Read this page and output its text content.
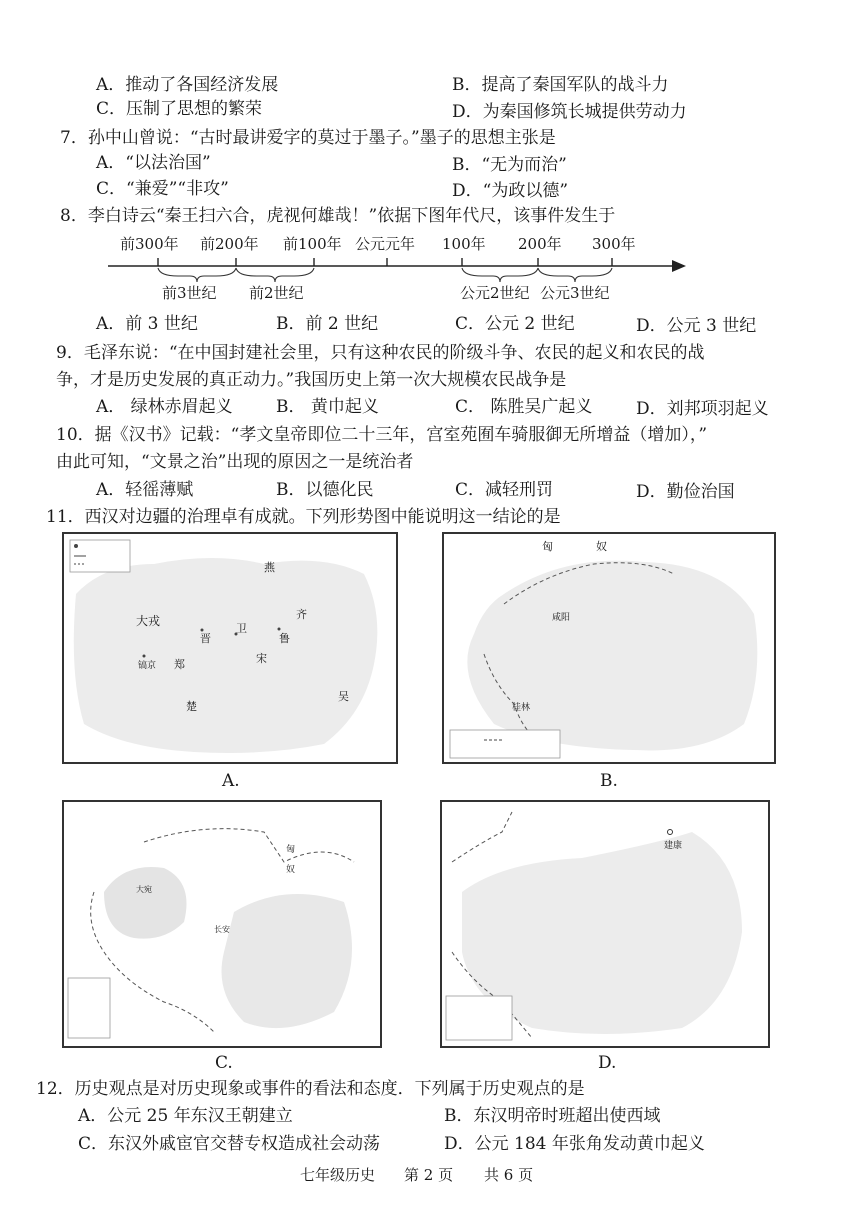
A．推动了各国经济发展	B．提高了秦国军队的战斗力
C．压制了思想的繁荣	D．为秦国修筑长城提供劳动力
7．孙中山曾说：“古时最讲爱字的莫过于墨子。”墨子的思想主张是
A．“以法治国”	B．“无为而治”
C．“兼爱”“非攻”	D．“为政以德”
8．李白诗云“秦王扫六合，虎视何雄哉！”依据下图年代尺，该事件发生于
前300年 前200年 前100年 公元元年 100年 200年 300年
前3世纪 前2世纪	公元2世纪 公元3世纪
A．前 3 世纪	B．前 2 世纪	C．公元 2 世纪	D．公元 3 世纪
9．毛泽东说：“在中国封建社会里，只有这种农民的阶级斗争、农民的起义和农民的战
争，才是历史发展的真正动力。”我国历史上第一次大规模农民战争是
A． 绿林赤眉起义	B． 黄巾起义	C． 陈胜吴广起义	D．刘邦项羽起义
10．据《汉书》记载：“孝文皇帝即位二十三年，宫室苑囿车骑服御无所增益（增加），”
由此可知，“文景之治”出现的原因之一是统治者
A．轻徭薄赋	B．以德化民	C．减轻刑罚	D．勤俭治国
11．西汉对边疆的治理卓有成就。下列形势图中能说明这一结论的是
燕
齐
大戎
晋
卫
宋
鲁
镐京 郑
楚
吴
A.
匈	奴
咸阳
桂林
B.
大宛
匈
奴
长安
C.
建康
D.
12．历史观点是对历史现象或事件的看法和态度．下列属于历史观点的是
A．公元 25 年东汉王朝建立	B．东汉明帝时班超出使西域
C．东汉外戚宦官交替专权造成社会动荡	D．公元 184 年张角发动黄巾起义
七年级历史 第 2 页 共 6 页
